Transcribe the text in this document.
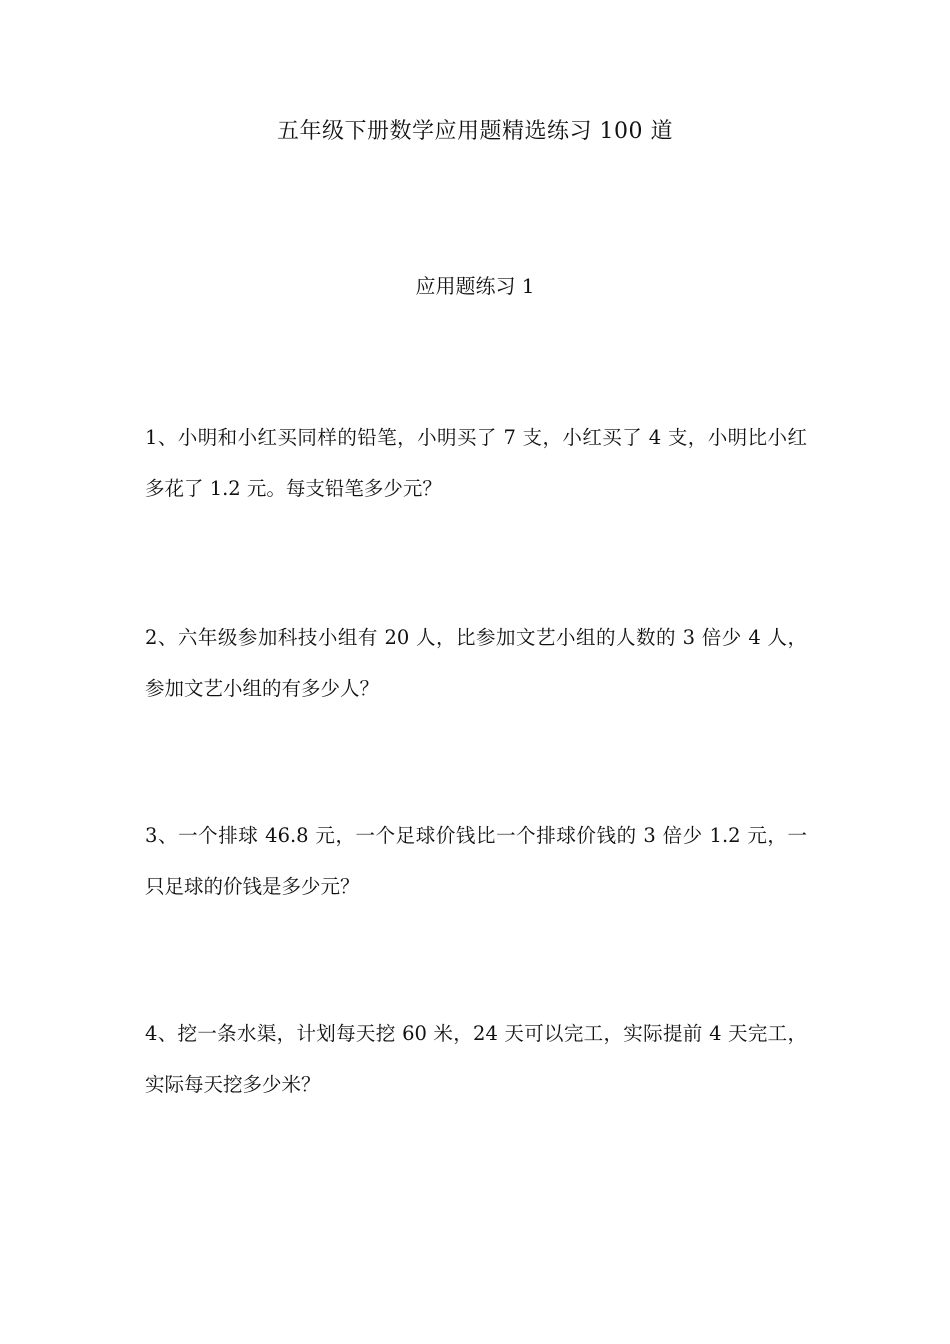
五年级下册数学应用题精选练习 100 道
应用题练习 1
1、小明和小红买同样的铅笔，小明买了 7 支，小红买了 4 支，小明比小红多花了 1.2 元。每支铅笔多少元？
2、六年级参加科技小组有 20 人，比参加文艺小组的人数的 3 倍少 4 人，参加文艺小组的有多少人？
3、一个排球 46.8 元，一个足球价钱比一个排球价钱的 3 倍少 1.2 元，一只足球的价钱是多少元？
4、挖一条水渠，计划每天挖 60 米，24 天可以完工，实际提前 4 天完工，实际每天挖多少米？
